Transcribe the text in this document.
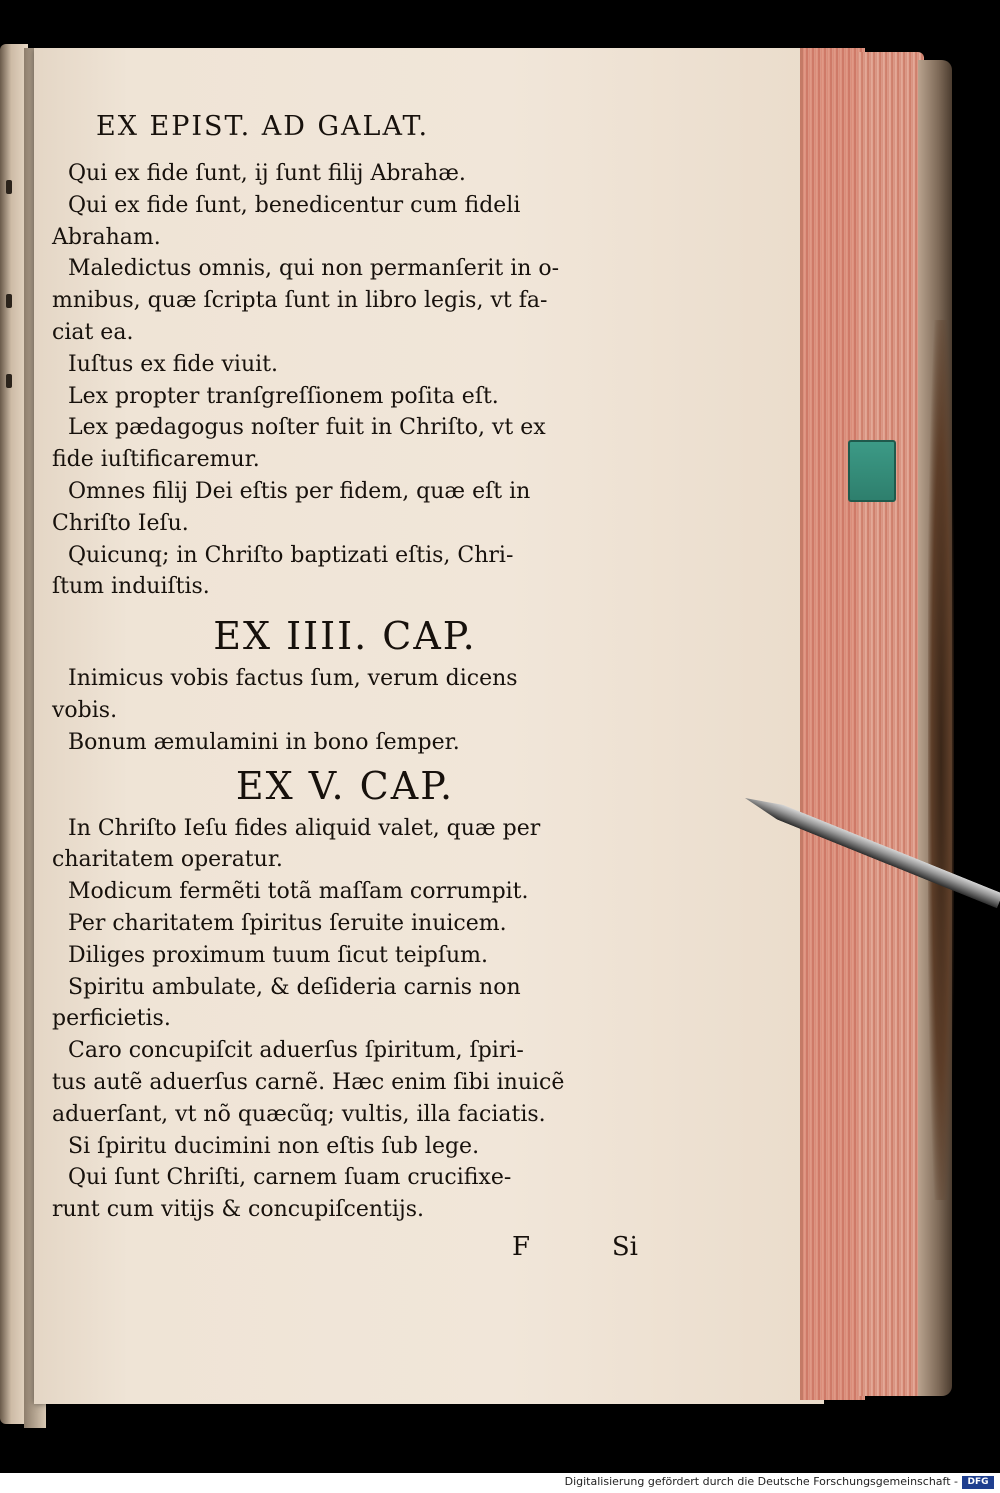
EX EPIST. AD GALAT.
Qui ex fide ſunt, ij ſunt filij Abrahæ.
Qui ex fide ſunt, benedicentur cum fideli
Abraham.
Maledictus omnis, qui non permanſerit in o-
mnibus, quæ ſcripta ſunt in libro legis, vt fa-
ciat ea.
Iuſtus ex fide viuit.
Lex propter tranſgreſſionem poſita eſt.
Lex pædagogus noſter fuit in Chriſto, vt ex
fide iuſtificaremur.
Omnes filij Dei eſtis per fidem, quæ eſt in
Chriſto Ieſu.
Quicunq; in Chriſto baptizati eſtis, Chri-
ſtum induiſtis.
EX IIII. CAP.
Inimicus vobis factus ſum, verum dicens
vobis.
Bonum æmulamini in bono ſemper.
EX V. CAP.
In Chriſto Ieſu fides aliquid valet, quæ per
charitatem operatur.
Modicum fermẽti totã maſſam corrumpit.
Per charitatem ſpiritus ſeruite inuicem.
Diliges proximum tuum ſicut teipſum.
Spiritu ambulate, & deſideria carnis non
perficietis.
Caro concupiſcit aduerſus ſpiritum, ſpiri-
tus autẽ aduerſus carnẽ. Hæc enim ſibi inuicẽ
aduerſant, vt nõ quæcũq; vultis, illa faciatis.
Si ſpiritu ducimini non eſtis ſub lege.
Qui ſunt Chriſti, carnem ſuam crucifixe-
runt cum vitijs & concupiſcentijs.
F	Si
Digitalisierung gefördert durch die Deutsche Forschungsgemeinschaft -	DFG
